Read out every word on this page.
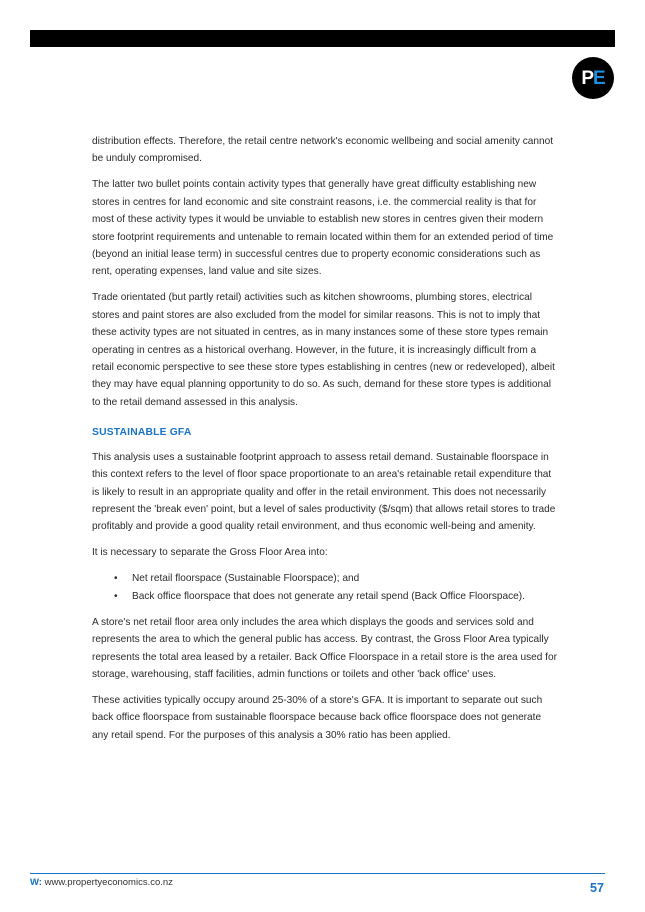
PE

distribution effects. Therefore, the retail centre network's economic wellbeing and social amenity cannot be unduly compromised.

The latter two bullet points contain activity types that generally have great difficulty establishing new stores in centres for land economic and site constraint reasons, i.e. the commercial reality is that for most of these activity types it would be unviable to establish new stores in centres given their modern store footprint requirements and untenable to remain located within them for an extended period of time (beyond an initial lease term) in successful centres due to property economic considerations such as rent, operating expenses, land value and site sizes.

Trade orientated (but partly retail) activities such as kitchen showrooms, plumbing stores, electrical stores and paint stores are also excluded from the model for similar reasons. This is not to imply that these activity types are not situated in centres, as in many instances some of these store types remain operating in centres as a historical overhang. However, in the future, it is increasingly difficult from a retail economic perspective to see these store types establishing in centres (new or redeveloped), albeit they may have equal planning opportunity to do so. As such, demand for these store types is additional to the retail demand assessed in this analysis.

SUSTAINABLE GFA

This analysis uses a sustainable footprint approach to assess retail demand. Sustainable floorspace in this context refers to the level of floor space proportionate to an area's retainable retail expenditure that is likely to result in an appropriate quality and offer in the retail environment. This does not necessarily represent the 'break even' point, but a level of sales productivity ($/sqm) that allows retail stores to trade profitably and provide a good quality retail environment, and thus economic well-being and amenity.

It is necessary to separate the Gross Floor Area into:

• Net retail floorspace (Sustainable Floorspace); and
• Back office floorspace that does not generate any retail spend (Back Office Floorspace).

A store's net retail floor area only includes the area which displays the goods and services sold and represents the area to which the general public has access. By contrast, the Gross Floor Area typically represents the total area leased by a retailer. Back Office Floorspace in a retail store is the area used for storage, warehousing, staff facilities, admin functions or toilets and other 'back office' uses.

These activities typically occupy around 25-30% of a store's GFA. It is important to separate out such back office floorspace from sustainable floorspace because back office floorspace does not generate any retail spend. For the purposes of this analysis a 30% ratio has been applied.

W: www.propertyeconomics.co.nz	57
